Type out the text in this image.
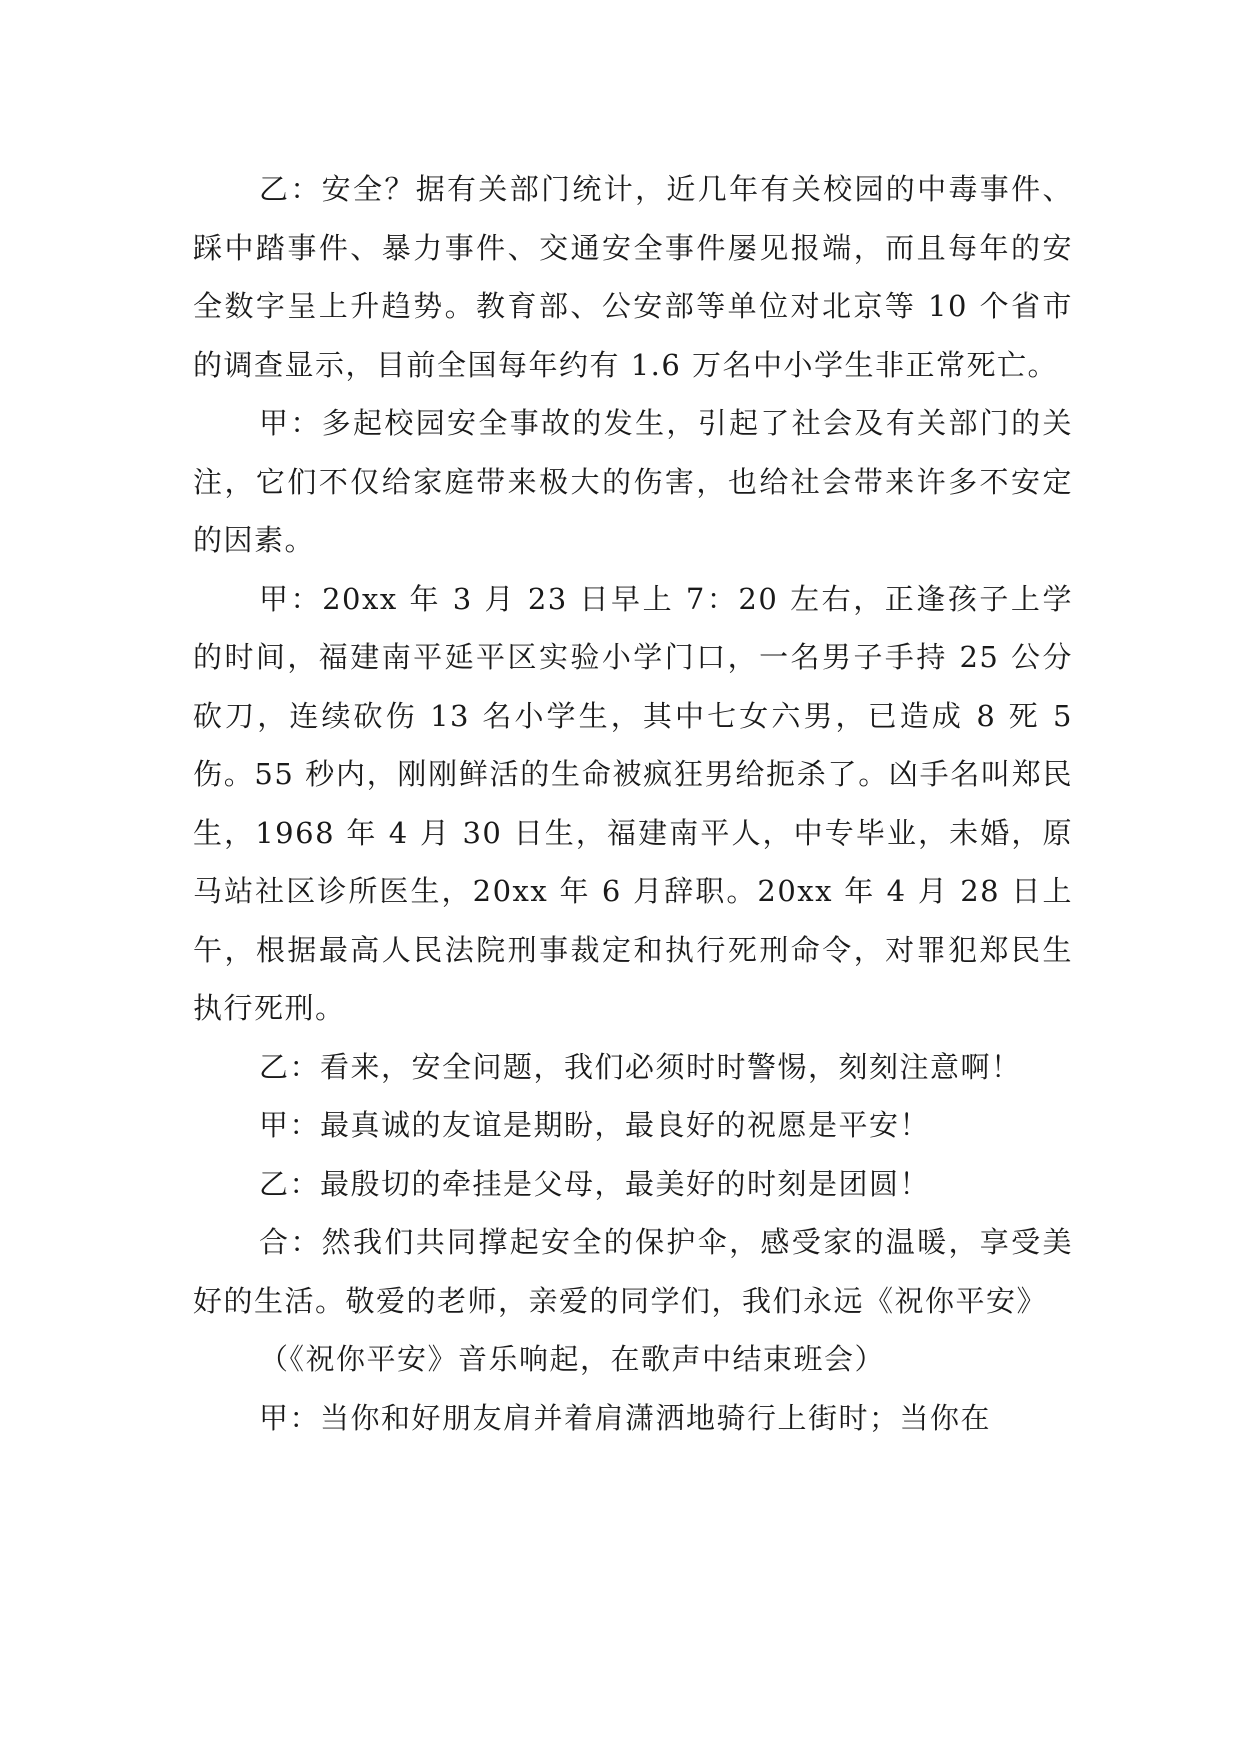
乙：安全？据有关部门统计，近几年有关校园的中毒事件、踩中踏事件、暴力事件、交通安全事件屡见报端，而且每年的安全数字呈上升趋势。教育部、公安部等单位对北京等 10 个省市的调查显示，目前全国每年约有 1.6 万名中小学生非正常死亡。

甲：多起校园安全事故的发生，引起了社会及有关部门的关注，它们不仅给家庭带来极大的伤害，也给社会带来许多不安定的因素。

甲：20xx 年 3 月 23 日早上 7：20 左右，正逢孩子上学的时间，福建南平延平区实验小学门口，一名男子手持 25 公分砍刀，连续砍伤 13 名小学生，其中七女六男，已造成 8 死 5 伤。55 秒内，刚刚鲜活的生命被疯狂男给扼杀了。凶手名叫郑民生，1968 年 4 月 30 日生，福建南平人，中专毕业，未婚，原马站社区诊所医生，20xx 年 6 月辞职。20xx 年 4 月 28 日上午，根据最高人民法院刑事裁定和执行死刑命令，对罪犯郑民生执行死刑。

乙：看来，安全问题，我们必须时时警惕，刻刻注意啊！

甲：最真诚的友谊是期盼，最良好的祝愿是平安！

乙：最殷切的牵挂是父母，最美好的时刻是团圆！

合：然我们共同撑起安全的保护伞，感受家的温暖，享受美好的生活。敬爱的老师，亲爱的同学们，我们永远《祝你平安》

（《祝你平安》音乐响起，在歌声中结束班会）

甲：当你和好朋友肩并着肩潇洒地骑行上街时；当你在
